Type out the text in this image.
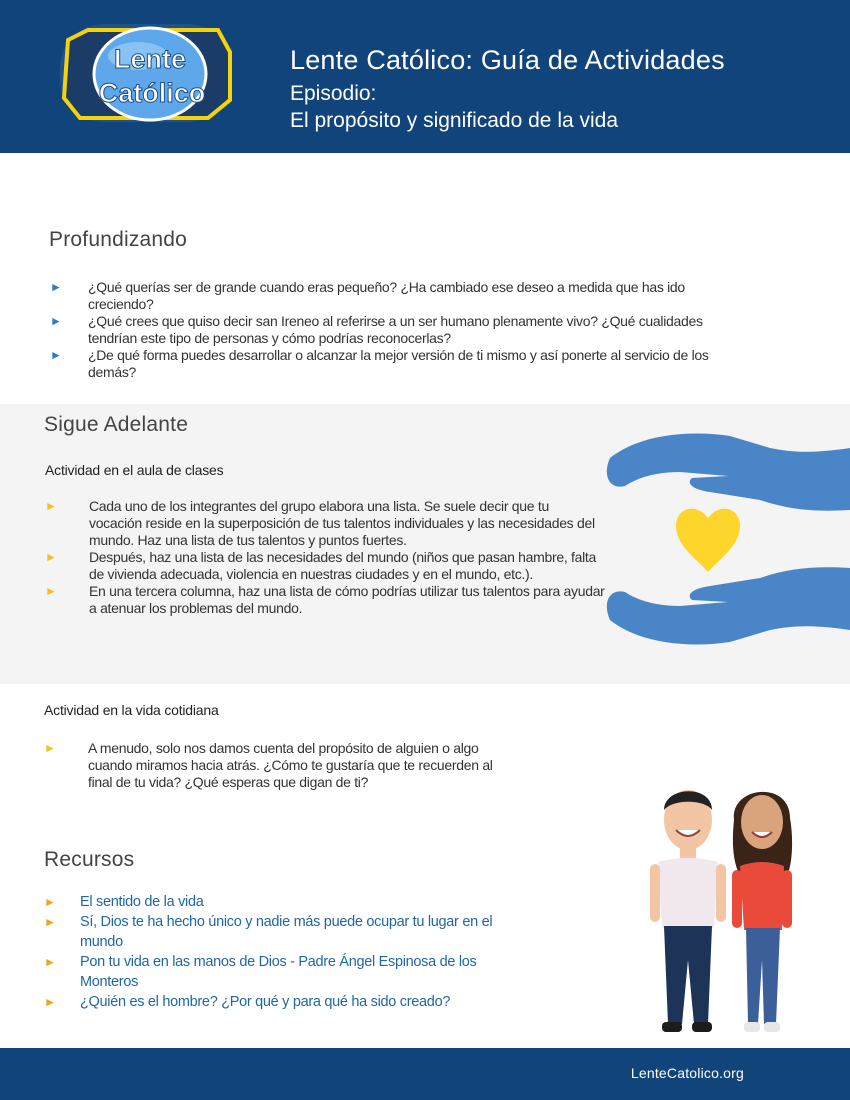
Lente
Católico
Lente Católico: Guía de Actividades
Episodio:
El propósito y significado de la vida
Profundizando
► ¿Qué querías ser de grande cuando eras pequeño? ¿Ha cambiado ese deseo a medida que has ido creciendo?
► ¿Qué crees que quiso decir san Ireneo al referirse a un ser humano plenamente vivo? ¿Qué cualidades tendrían este tipo de personas y cómo podrías reconocerlas?
► ¿De qué forma puedes desarrollar o alcanzar la mejor versión de ti mismo y así ponerte al servicio de los demás?
Sigue Adelante
Actividad en el aula de clases
► Cada uno de los integrantes del grupo elabora una lista. Se suele decir que tu vocación reside en la superposición de tus talentos individuales y las necesidades del mundo. Haz una lista de tus talentos y puntos fuertes.
► Después, haz una lista de las necesidades del mundo (niños que pasan hambre, falta de vivienda adecuada, violencia en nuestras ciudades y en el mundo, etc.).
► En una tercera columna, haz una lista de cómo podrías utilizar tus talentos para ayudar a atenuar los problemas del mundo.
Actividad en la vida cotidiana
► A menudo, solo nos damos cuenta del propósito de alguien o algo cuando miramos hacia atrás. ¿Cómo te gustaría que te recuerden al final de tu vida? ¿Qué esperas que digan de ti?
Recursos
► El sentido de la vida
► Sí, Dios te ha hecho único y nadie más puede ocupar tu lugar en el mundo
► Pon tu vida en las manos de Dios - Padre Ángel Espinosa de los Monteros
► ¿Quién es el hombre? ¿Por qué y para qué ha sido creado?
LenteCatolico.org
